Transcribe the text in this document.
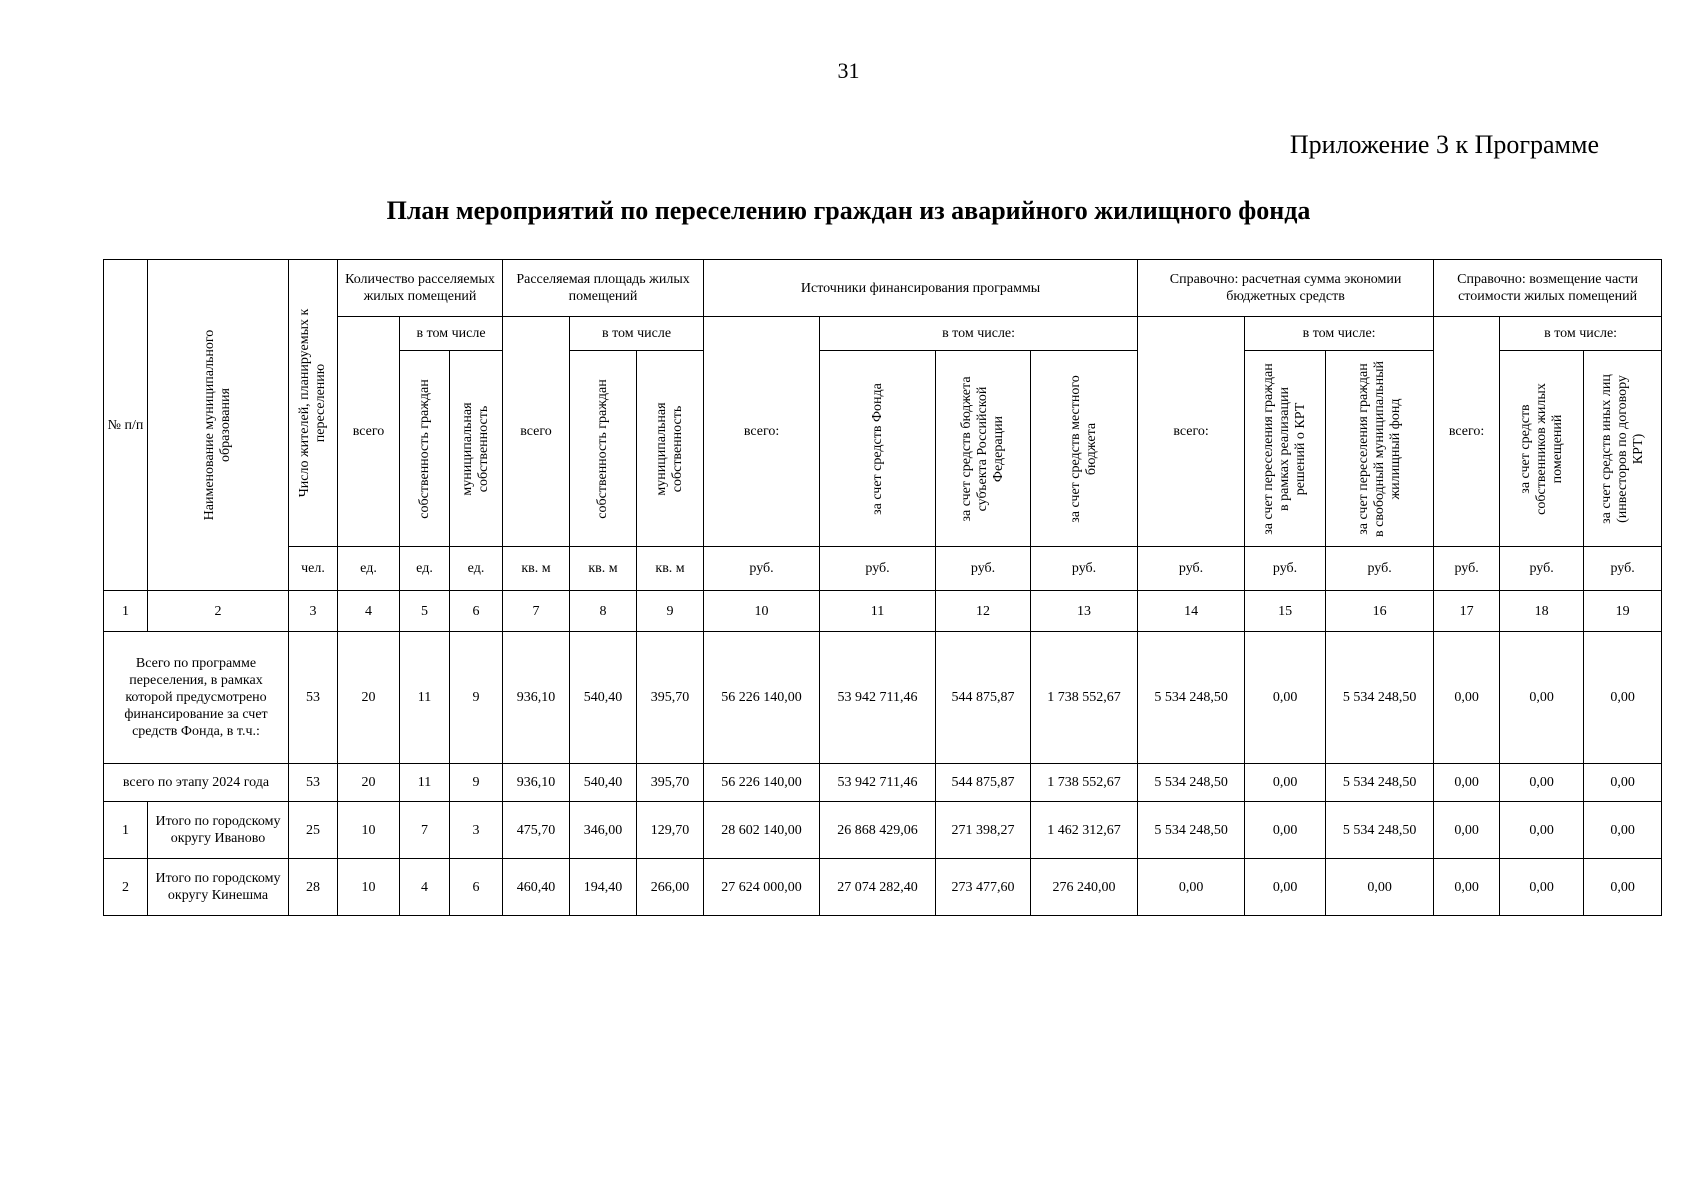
31
Приложение 3 к Программе
План мероприятий по переселению граждан из аварийного жилищного фонда
№ п/п	Наименование муниципального образования	Число жителей, планируемых к переселению	Количество расселяемых жилых помещений			Расселяемая площадь жилых помещений			Источники финансирования программы				Справочно: расчетная сумма экономии бюджетных средств			Справочно: возмещение части стоимости жилых помещений		
			всего	в том числе		всего	в том числе		всего:	в том числе:			всего:	в том числе:		всего:	в том числе:	

				собственность граждан	муниципальная собственность		собственность граждан	муниципальная собственность		за счет средств Фонда	за счет средств бюджета субъекта Российской Федерации	за счет средств местного бюджета		за счет переселения граждан в рамках реализации решений о КРТ	за счет переселения граждан в свободный муниципальный жилищный фонд		за счет средств собственников жилых помещений	за счет средств иных лиц (инвесторов по договору КРТ)

		чел.	ед.	ед.	ед.	кв. м	кв. м	кв. м	руб.	руб.	руб.	руб.	руб.	руб.	руб.	руб.	руб.	руб.
1	2	3	4	5	6	7	8	9	10	11	12	13	14	15	16	17	18	19
Всего по программе переселения, в рамках которой предусмотрено финансирование за счет средств Фонда, в т.ч.:		53	20	11	9	936,10	540,40	395,70	56 226 140,00	53 942 711,46	544 875,87	1 738 552,67	5 534 248,50	0,00	5 534 248,50	0,00	0,00	0,00
всего по этапу 2024 года		53	20	11	9	936,10	540,40	395,70	56 226 140,00	53 942 711,46	544 875,87	1 738 552,67	5 534 248,50	0,00	5 534 248,50	0,00	0,00	0,00
1	Итого по городскому округу Иваново	25	10	7	3	475,70	346,00	129,70	28 602 140,00	26 868 429,06	271 398,27	1 462 312,67	5 534 248,50	0,00	5 534 248,50	0,00	0,00	0,00
2	Итого по городскому округу Кинешма	28	10	4	6	460,40	194,40	266,00	27 624 000,00	27 074 282,40	273 477,60	276 240,00	0,00	0,00	0,00	0,00	0,00	0,00
